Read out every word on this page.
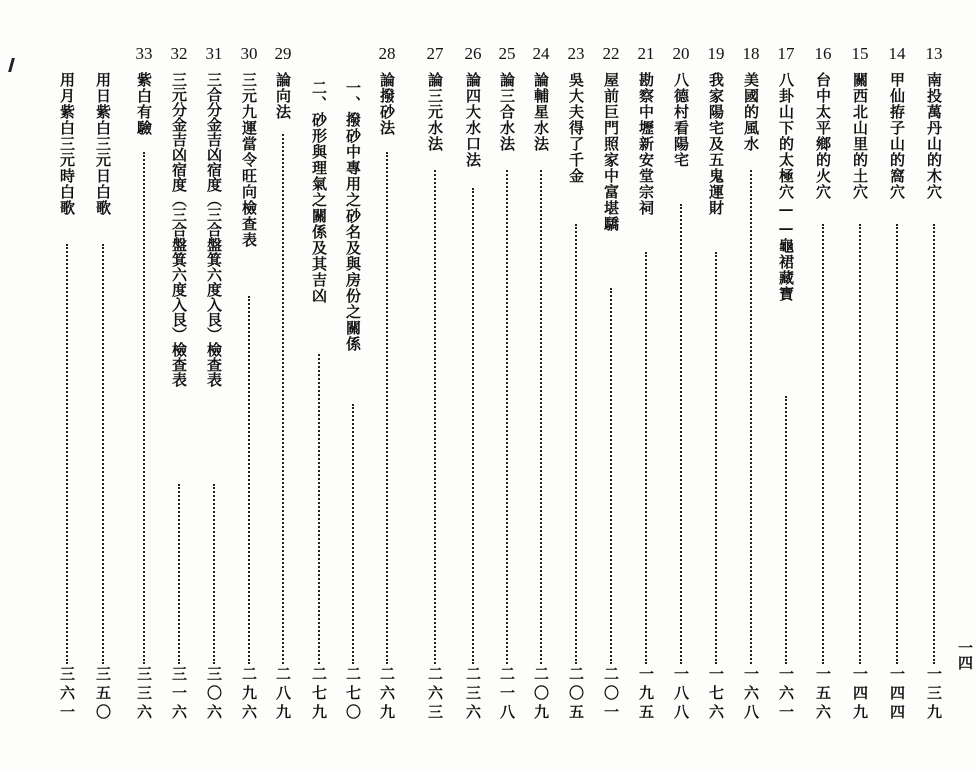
13
南投萬丹山的木穴
一三九
14
甲仙拵子山的窩穴
一四四
15
關西北山里的土穴
一四九
16
台中太平鄉的火穴
一五六
17
八卦山下的太極穴——龜裙藏寶
一六一
18
美國的風水
一六八
19
我家陽宅及五鬼運財
一七六
20
八德村看陽宅
一八八
21
勘察中壢新安堂宗祠
一九五
22
屋前巨門照家中富堪驕
二〇一
23
吳大夫得了千金
二〇五
24
論輔星水法
二〇九
25
論三合水法
二一八
26
論四大水口法
二三六
27
論三元水法
二六三
28
論撥砂法
二六九
一、撥砂中專用之砂名及與房份之關係
二七〇
二、砂形與理氣之關係及其吉凶
二七九
29
論向法
二八九
30
三元九運當令旺向檢查表
二九六
31
三合分金吉凶宿度（三合盤箕六度入艮）檢查表
三〇六
32
三元分金吉凶宿度（三合盤箕六度入艮）檢查表
三一六
33
紫白有驗
三三六
用日紫白三元日白歌
三五〇
用月紫白三元時白歌
三六一
一四
